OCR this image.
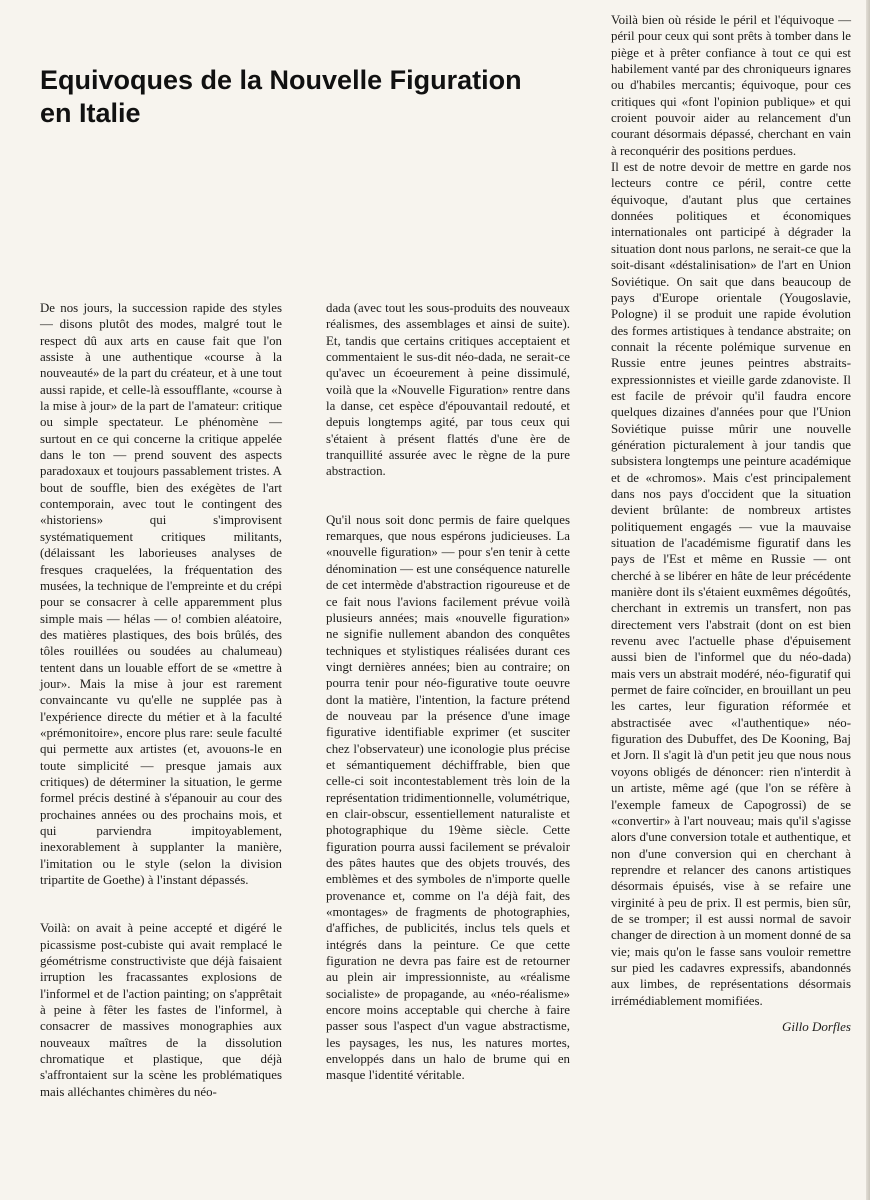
Equivoques de la Nouvelle Figuration en Italie

De nos jours, la succession rapide des styles — disons plutôt des modes, malgré tout le respect dû aux arts en cause fait que l'on assiste à une authentique «course à la nouveauté» de la part du créateur, et à une tout aussi rapide, et celle-là essoufflante, «course à la mise à jour» de la part de l'amateur: critique ou simple spectateur. Le phénomène — surtout en ce qui concerne la critique appelée dans le ton — prend souvent des aspects paradoxaux et toujours passablement tristes. A bout de souffle, bien des exégètes de l'art contemporain, avec tout le contingent des «historiens» qui s'improvisent systématiquement critiques militants, (délaissant les laborieuses analyses de fresques craquelées, la fréquentation des musées, la technique de l'empreinte et du crépi pour se consacrer à celle apparemment plus simple mais — hélas — o! combien aléatoire, des matières plastiques, des bois brûlés, des tôles rouillées ou soudées au chalumeau) tentent dans un louable effort de se «mettre à jour». Mais la mise à jour est rarement convaincante vu qu'elle ne supplée pas à l'expérience directe du métier et à la faculté «prémonitoire», encore plus rare: seule faculté qui permette aux artistes (et, avouons-le en toute simplicité — presque jamais aux critiques) de déterminer la situation, le germe formel précis destiné à s'épanouir au cour des prochaines années ou des prochains mois, et qui parviendra impitoyablement, inexorablement à supplanter la manière, l'imitation ou le style (selon la division tripartite de Goethe) à l'instant dépassés.

Voilà: on avait à peine accepté et digéré le picassisme post-cubiste qui avait remplacé le géométrisme constructiviste que déjà faisaient irruption les fracassantes explosions de l'informel et de l'action painting; on s'apprêtait à peine à fêter les fastes de l'informel, à consacrer de massives monographies aux nouveaux maîtres de la dissolution chromatique et plastique, que déjà s'affrontaient sur la scène les problématiques mais alléchantes chimères du néo-

dada (avec tout les sous-produits des nouveaux réalismes, des assemblages et ainsi de suite). Et, tandis que certains critiques acceptaient et commentaient le sus-dit néo-dada, ne serait-ce qu'avec un écoeurement à peine dissimulé, voilà que la «Nouvelle Figuration» rentre dans la danse, cet espèce d'épouvantail redouté, et depuis longtemps agité, par tous ceux qui s'étaient à présent flattés d'une ère de tranquillité assurée avec le règne de la pure abstraction.

Qu'il nous soit donc permis de faire quelques remarques, que nous espérons judicieuses. La «nouvelle figuration» — pour s'en tenir à cette dénomination — est une conséquence naturelle de cet intermède d'abstraction rigoureuse et de ce fait nous l'avions facilement prévue voilà plusieurs années; mais «nouvelle figuration» ne signifie nullement abandon des conquêtes techniques et stylistiques réalisées durant ces vingt dernières années; bien au contraire; on pourra tenir pour néo-figurative toute oeuvre dont la matière, l'intention, la facture prétend de nouveau par la présence d'une image figurative identifiable exprimer (et susciter chez l'observateur) une iconologie plus précise et sémantiquement déchiffrable, bien que celle-ci soit incontestablement très loin de la représentation tridimentionnelle, volumétrique, en clair-obscur, essentiellement naturaliste et photographique du 19ème siècle. Cette figuration pourra aussi facilement se prévaloir des pâtes hautes que des objets trouvés, des emblèmes et des symboles de n'importe quelle provenance et, comme on l'a déjà fait, des «montages» de fragments de photographies, d'affiches, de publicités, inclus tels quels et intégrés dans la peinture. Ce que cette figuration ne devra pas faire est de retourner au plein air impressionniste, au «réalisme socialiste» de propagande, au «néo-réalisme» encore moins acceptable qui cherche à faire passer sous l'aspect d'un vague abstractisme, les paysages, les nus, les natures mortes, enveloppés dans un halo de brume qui en masque l'identité véritable.

Voilà bien où réside le péril et l'équivoque — péril pour ceux qui sont prêts à tomber dans le piège et à prêter confiance à tout ce qui est habilement vanté par des chroniqueurs ignares ou d'habiles mercantis; équivoque, pour ces critiques qui «font l'opinion publique» et qui croient pouvoir aider au relancement d'un courant désormais dépassé, cherchant en vain à reconquérir des positions perdues.

Il est de notre devoir de mettre en garde nos lecteurs contre ce péril, contre cette équivoque, d'autant plus que certaines données politiques et économiques internationales ont participé à dégrader la situation dont nous parlons, ne serait-ce que la soit-disant «déstalinisation» de l'art en Union Soviétique. On sait que dans beaucoup de pays d'Europe orientale (Yougoslavie, Pologne) il se produit une rapide évolution des formes artistiques à tendance abstraite; on connait la récente polémique survenue en Russie entre jeunes peintres abstraits-expressionnistes et vieille garde zdanoviste. Il est facile de prévoir qu'il faudra encore quelques dizaines d'années pour que l'Union Soviétique puisse mûrir une nouvelle génération picturalement à jour tandis que subsistera longtemps une peinture académique et de «chromos». Mais c'est principalement dans nos pays d'occident que la situation devient brûlante: de nombreux artistes politiquement engagés — vue la mauvaise situation de l'académisme figuratif dans les pays de l'Est et même en Russie — ont cherché à se libérer en hâte de leur précédente manière dont ils s'étaient euxmêmes dégoûtés, cherchant in extremis un transfert, non pas directement vers l'abstrait (dont on est bien revenu avec l'actuelle phase d'épuisement aussi bien de l'informel que du néo-dada) mais vers un abstrait modéré, néo-figuratif qui permet de faire coïncider, en brouillant un peu les cartes, leur figuration réformée et abstractisée avec «l'authentique» néo-figuration des Dubuffet, des De Kooning, Baj et Jorn. Il s'agit là d'un petit jeu que nous nous voyons obligés de dénoncer: rien n'interdit à un artiste, même agé (que l'on se réfère à l'exemple fameux de Capogrossi) de se «convertir» à l'art nouveau; mais qu'il s'agisse alors d'une conversion totale et authentique, et non d'une conversion qui en cherchant à reprendre et relancer des canons artistiques désormais épuisés, vise à se refaire une virginité à peu de prix. Il est permis, bien sûr, de se tromper; il est aussi normal de savoir changer de direction à un moment donné de sa vie; mais qu'on le fasse sans vouloir remettre sur pied les cadavres expressifs, abandonnés aux limbes, de représentations désormais irrémédiablement momifiées.

Gillo Dorfles
